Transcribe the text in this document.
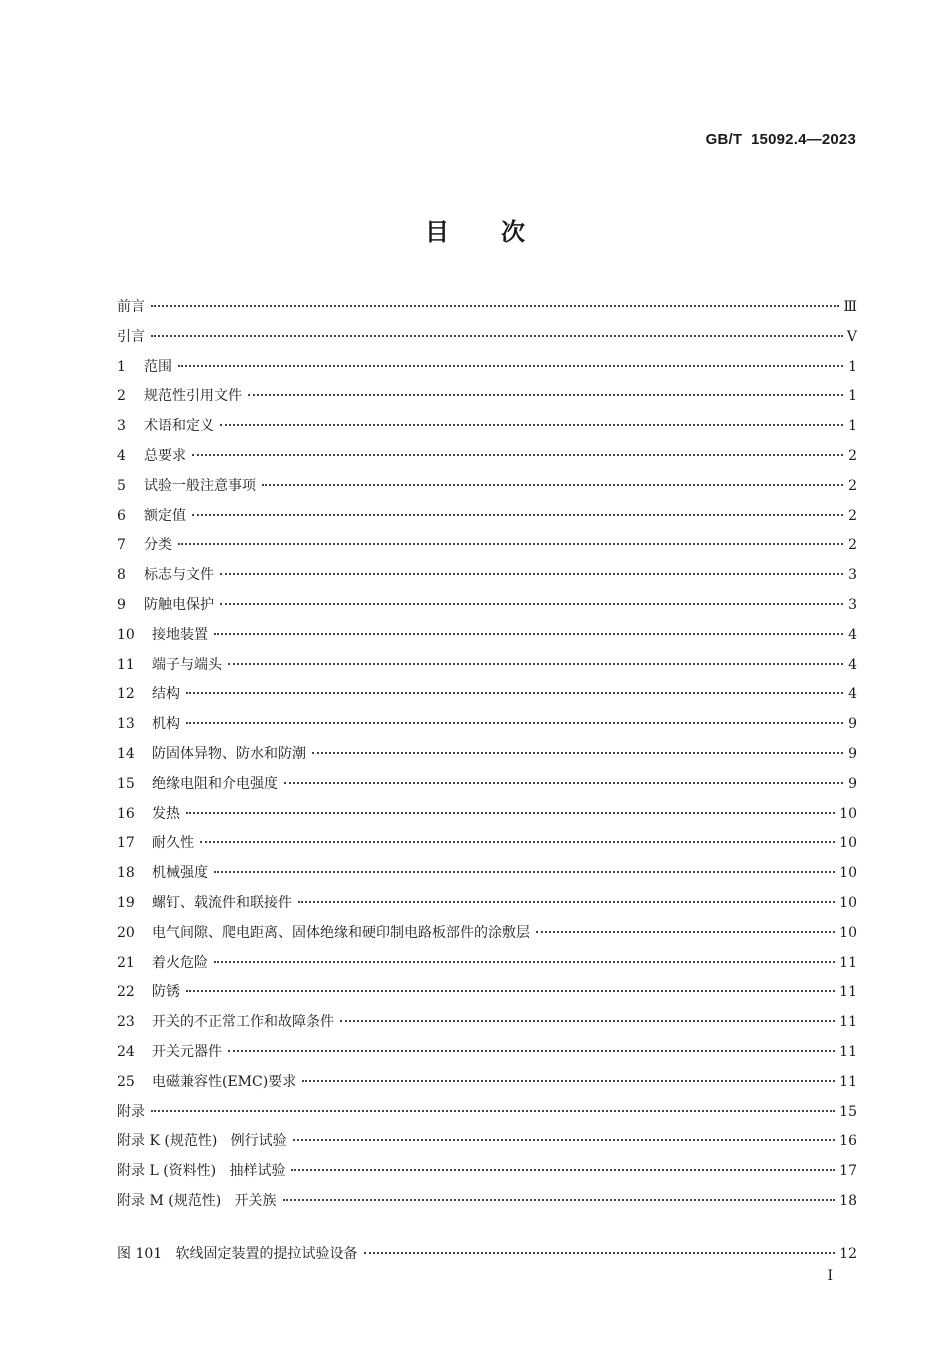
GB/T  15092.4—2023
目次
前言	Ⅲ
引言	Ⅴ
1	范围	1
2	规范性引用文件	1
3	术语和定义	1
4	总要求	2
5	试验一般注意事项	2
6	额定值	2
7	分类	2
8	标志与文件	3
9	防触电保护	3
10	接地装置	4
11	端子与端头	4
12	结构	4
13	机构	9
14	防固体异物、防水和防潮	9
15	绝缘电阻和介电强度	9
16	发热	10
17	耐久性	10
18	机械强度	10
19	螺钉、载流件和联接件	10
20	电气间隙、爬电距离、固体绝缘和硬印制电路板部件的涂敷层	10
21	着火危险	11
22	防锈	11
23	开关的不正常工作和故障条件	11
24	开关元器件	11
25	电磁兼容性(EMC)要求	11
附录	15
附录 K (规范性)   例行试验	16
附录 L (资料性)   抽样试验	17
附录 M (规范性)   开关族	18
图 101   软线固定装置的提拉试验设备	12
I
